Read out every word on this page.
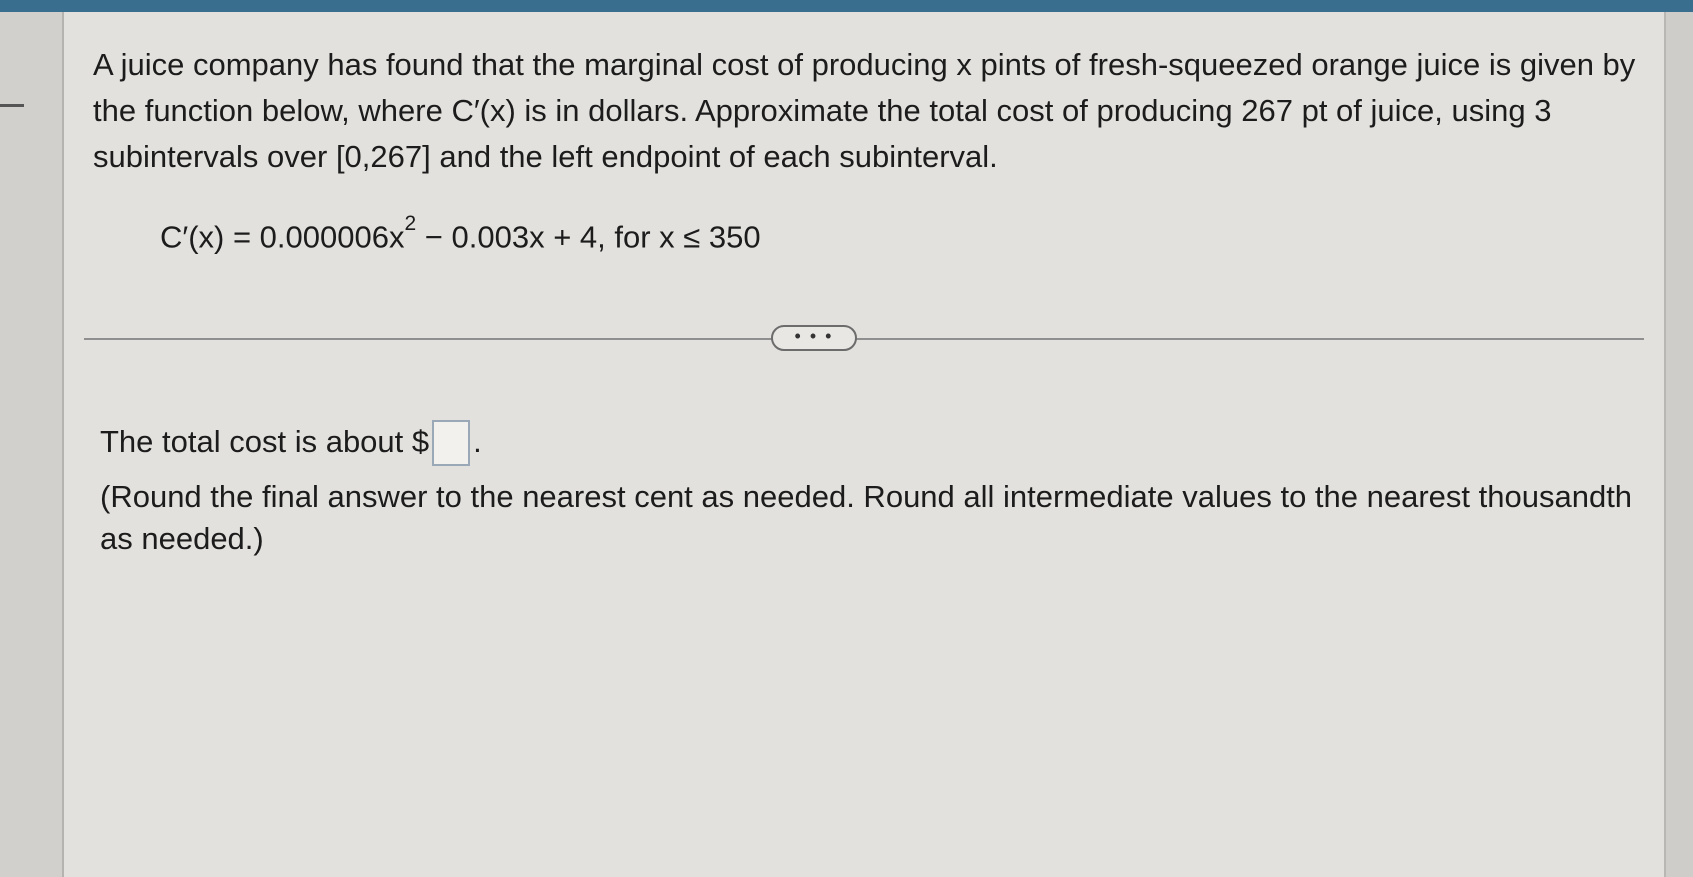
A juice company has found that the marginal cost of producing x pints of fresh-squeezed orange juice is given by the function below, where C′(x) is in dollars. Approximate the total cost of producing 267 pt of juice, using 3 subintervals over [0,267] and the left endpoint of each subinterval.

$C'(x) = 0.000006x^2 - 0.003x + 4$, for x ≤ 350
• • •
The total cost is about $ .

(Round the final answer to the nearest cent as needed. Round all intermediate values to the nearest thousandth as needed.)
